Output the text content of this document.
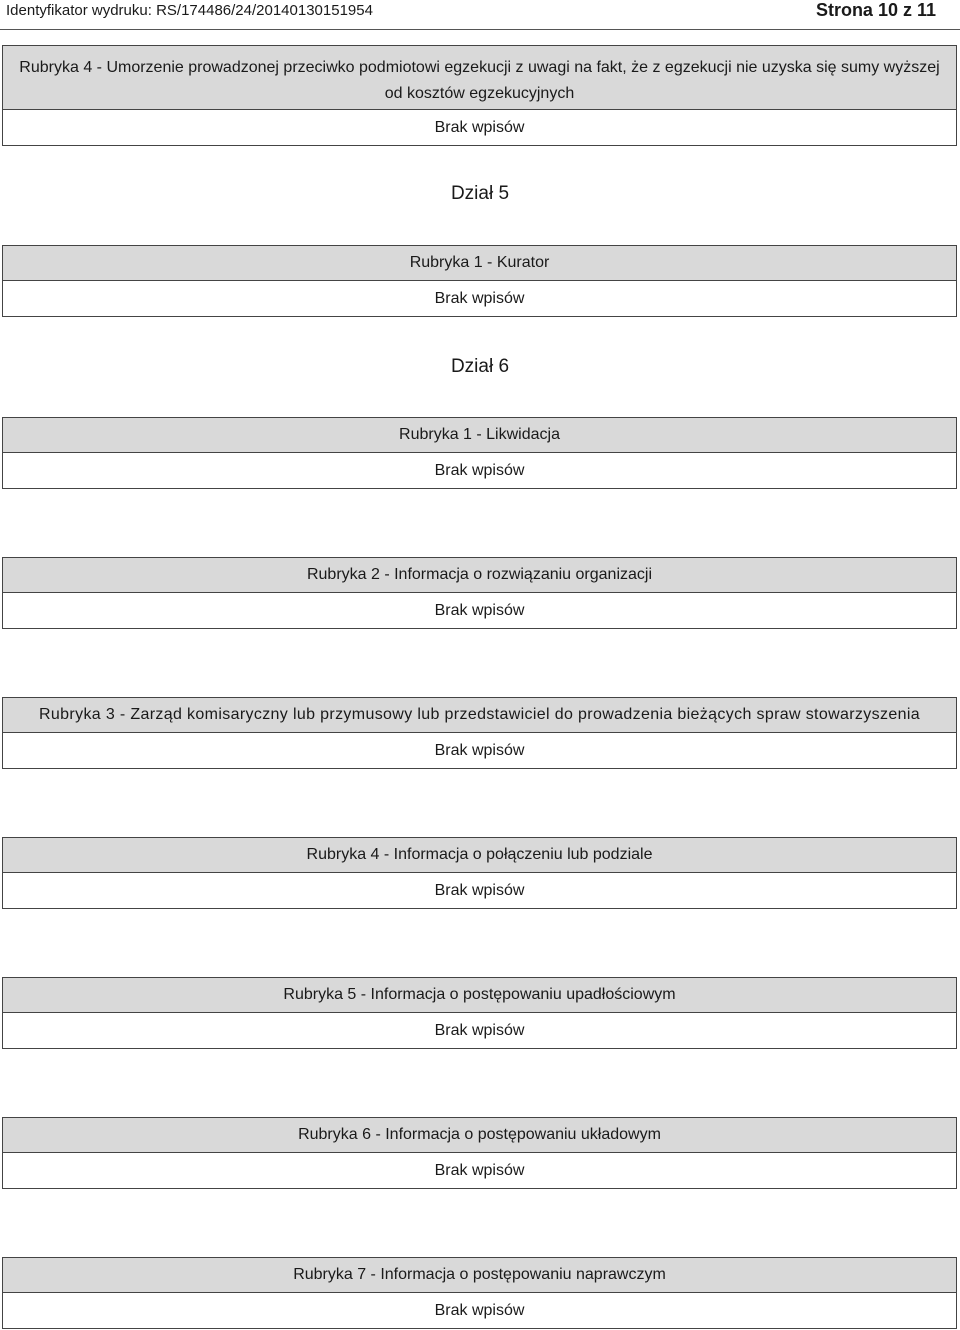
Identyfikator wydruku: RS/174486/24/20140130151954	Strona 10 z 11
Rubryka 4 - Umorzenie prowadzonej przeciwko podmiotowi egzekucji z uwagi na fakt, że z egzekucji nie uzyska się sumy wyższej od kosztów egzekucyjnych
Brak wpisów
Dział 5
Rubryka 1 - Kurator
Brak wpisów
Dział 6
Rubryka 1 - Likwidacja
Brak wpisów
Rubryka 2 - Informacja o rozwiązaniu organizacji
Brak wpisów
Rubryka 3 - Zarząd komisaryczny lub przymusowy lub przedstawiciel do prowadzenia bieżących spraw stowarzyszenia
Brak wpisów
Rubryka 4 - Informacja o połączeniu lub podziale
Brak wpisów
Rubryka 5 - Informacja o postępowaniu upadłościowym
Brak wpisów
Rubryka 6 - Informacja o postępowaniu układowym
Brak wpisów
Rubryka 7 - Informacja o postępowaniu naprawczym
Brak wpisów
